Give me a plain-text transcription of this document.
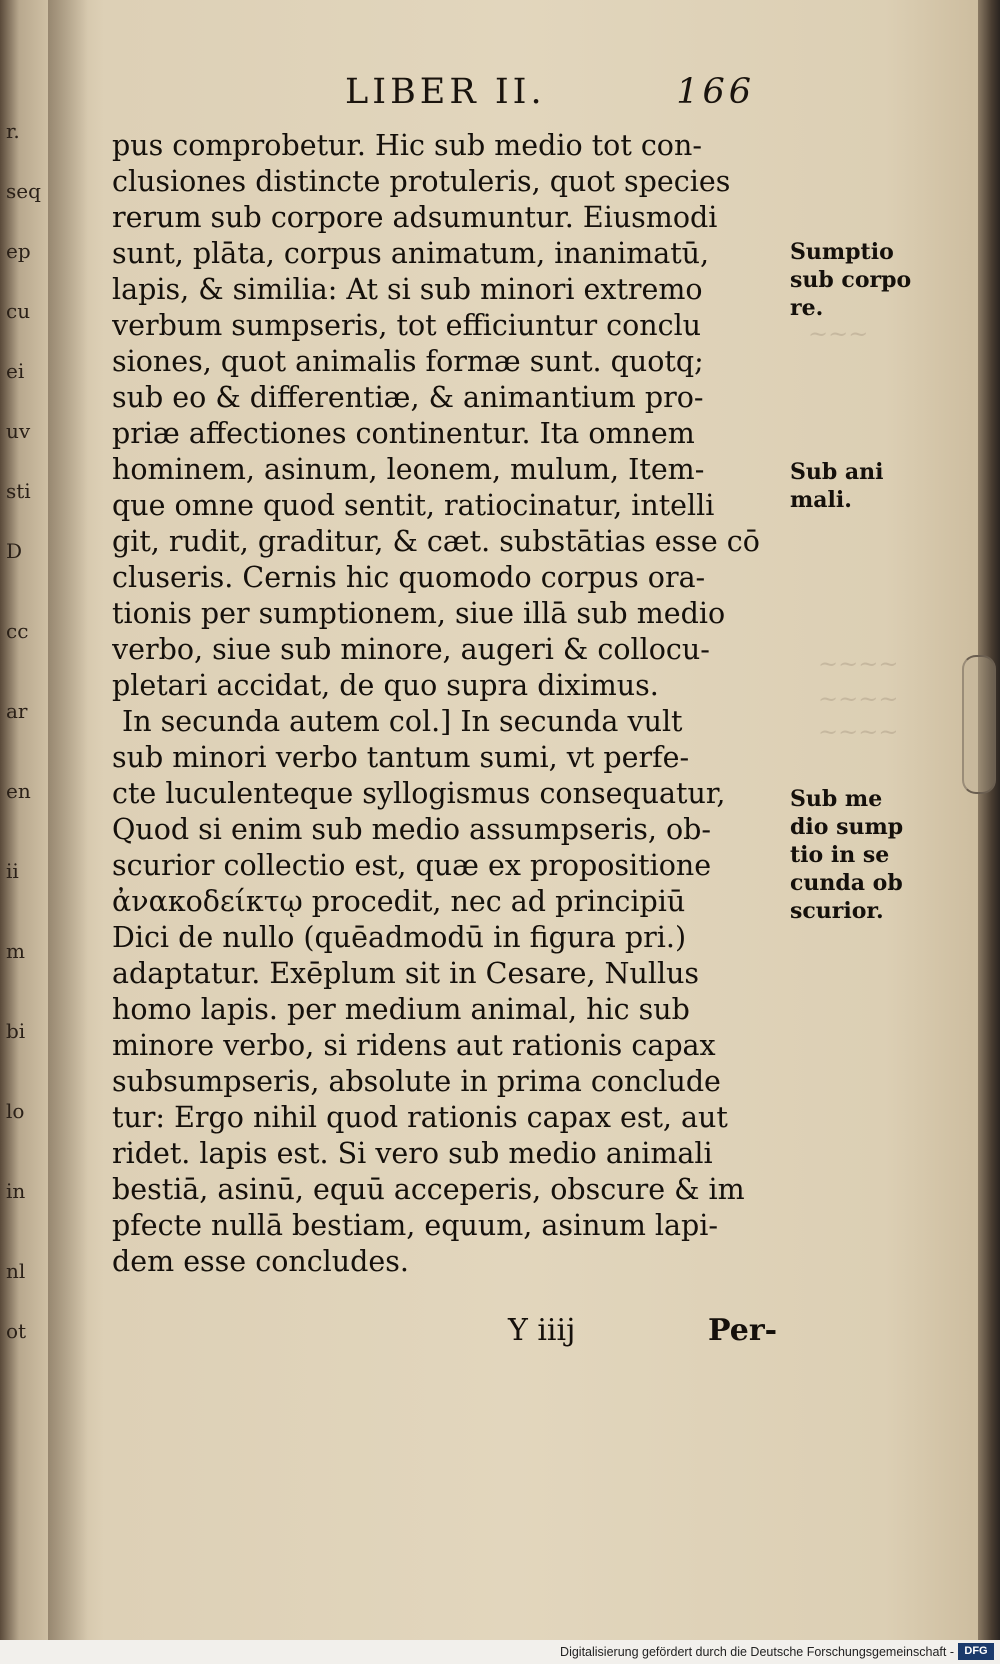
r.
seq
ep
cu
ei
uv
sti
D
cc
ar
en
ii
m
bi
lo
in
nl
ot
~~~
~~~~
~~~~
~~~~
LIBER II.	166
pus comprobetur. Hic sub medio tot con-
clusiones distincte protuleris, quot species
rerum sub corpore adsumuntur. Eiusmodi
sunt, plāta, corpus animatum, inanimatū,
lapis, & similia: At si sub minori extremo
verbum sumpseris, tot efficiuntur conclu
siones, quot animalis formæ sunt. quotq;
sub eo & differentiæ, & animantium pro-
priæ affectiones continentur. Ita omnem
hominem, asinum, leonem, mulum, Item-
que omne quod sentit, ratiocinatur, intelli
git, rudit, graditur, & cæt. substātias esse cō
cluseris. Cernis hic quomodo corpus ora-
tionis per sumptionem, siue illā sub medio
verbo, siue sub minore, augeri & collocu-
pletari accidat, de quo supra diximus.
In secunda autem col.] In secunda vult
sub minori verbo tantum sumi, vt perfe-
cte luculenteque syllogismus consequatur,
Quod si enim sub medio assumpseris, ob-
scurior collectio est, quæ ex propositione
ἀνακοδείκτῳ procedit, nec ad principiū
Dici de nullo (quēadmodū in figura pri.)
adaptatur. Exēplum sit in Cesare, Nullus
homo lapis. per medium animal, hic sub
minore verbo, si ridens aut rationis capax
subsumpseris, absolute in prima conclude
tur: Ergo nihil quod rationis capax est, aut
ridet. lapis est. Si vero sub medio animali
bestiā, asinū, equū acceperis, obscure & im
pfecte nullā bestiam, equum, asinum lapi-
dem esse concludes.
Sumptio
sub corpo
re.
Sub ani
mali.
Sub me
dio sump
tio in se
cunda ob
scurior.
Y iiij	Per-
Digitalisierung gefördert durch die Deutsche Forschungsgemeinschaft - DFG
